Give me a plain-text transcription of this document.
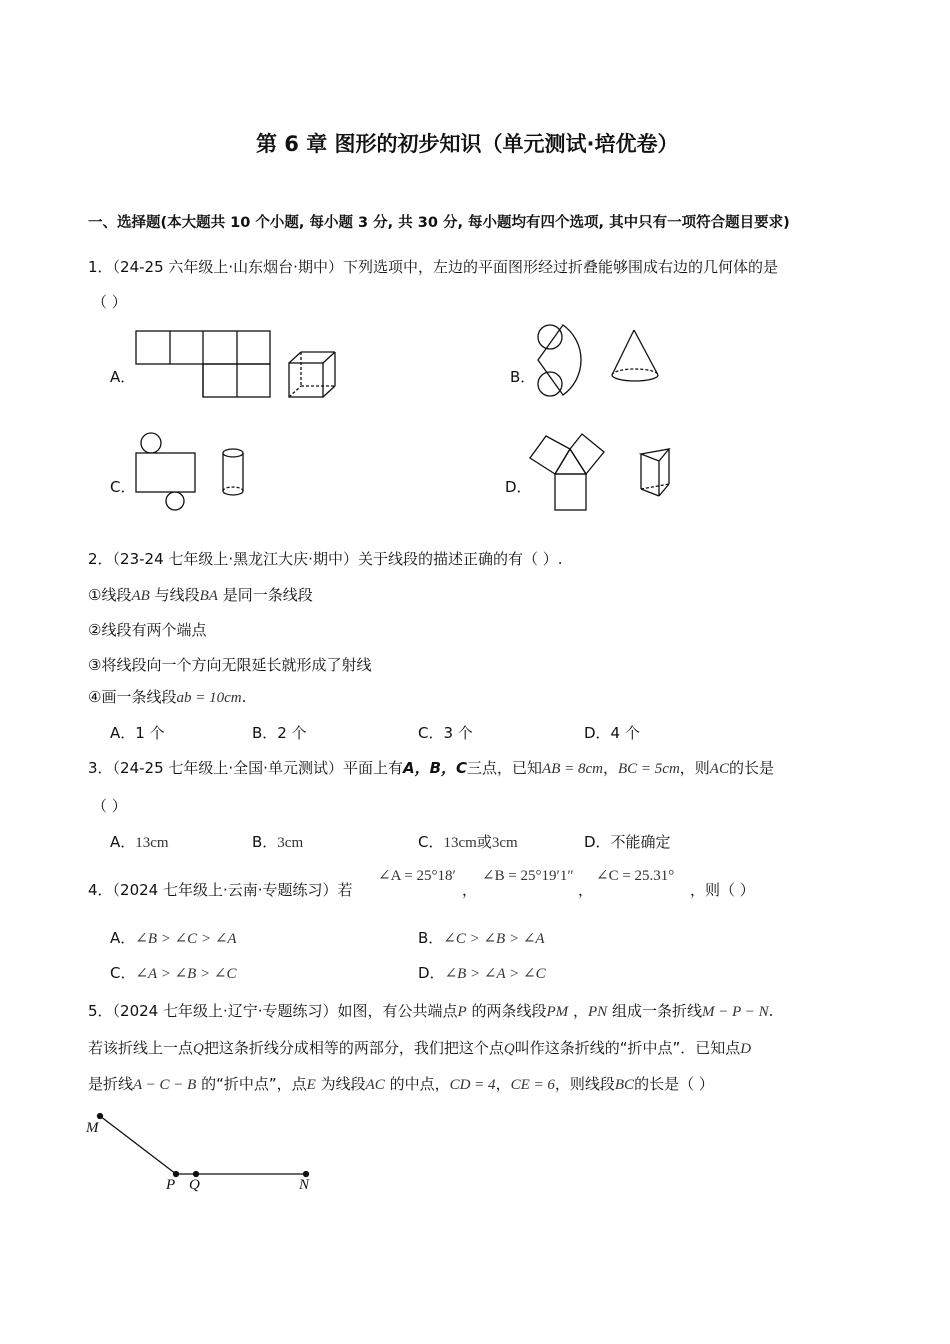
第 6 章 图形的初步知识（单元测试·培优卷）
一、选择题(本大题共 10 个小题, 每小题 3 分, 共 30 分, 每小题均有四个选项, 其中只有一项符合题目要求)
1．（24-25 六年级上·山东烟台·期中）下列选项中，左边的平面图形经过折叠能够围成右边的几何体的是
（ ）
A．	B．
C．	D．
2．（23-24 七年级上·黑龙江大庆·期中）关于线段的描述正确的有（ ）.
①线段AB 与线段BA 是同一条线段
②线段有两个端点
③将线段向一个方向无限延长就形成了射线
④画一条线段ab = 10cm.
A．1 个	B．2 个	C．3 个	D．4 个
3．（24-25 七年级上·全国·单元测试）平面上有A，B，C三点，已知AB = 8cm，BC = 5cm，则AC的长是
（ ）
A．13cm	B．3cm	C．13cm或3cm	D．不能确定
4．（2024 七年级上·云南·专题练习）若
∠A = 25°18′
，
∠B = 25°19′1″
，
∠C = 25.31°
，则（ ）
A．∠B > ∠C > ∠A	B．∠C > ∠B > ∠A
C．∠A > ∠B > ∠C	D．∠B > ∠A > ∠C
5．（2024 七年级上·辽宁·专题练习）如图，有公共端点P 的两条线段PM ，PN 组成一条折线M − P − N.
若该折线上一点Q把这条折线分成相等的两部分，我们把这个点Q叫作这条折线的“折中点”．已知点D
是折线A − C − B 的“折中点”，点E 为线段AC 的中点，CD = 4，CE = 6，则线段BC的长是（ ）
M
P Q	N
